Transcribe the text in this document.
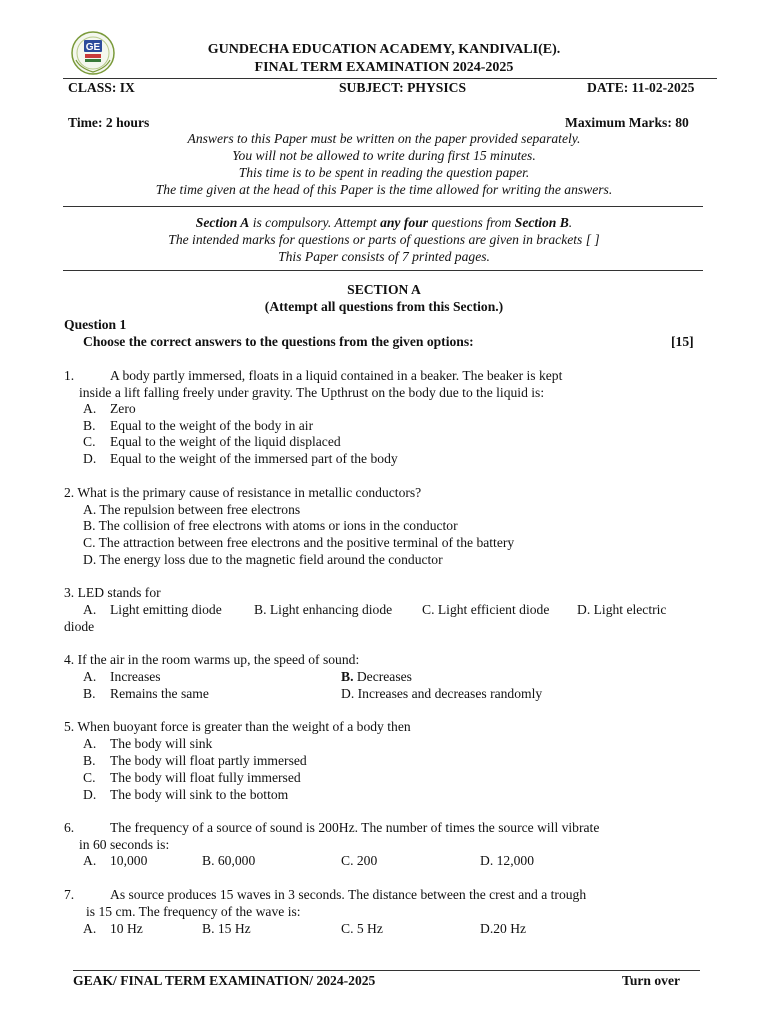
GE	GUNDECHA EDUCATION ACADEMY, KANDIVALI(E).
FINAL TERM EXAMINATION 2024-2025
CLASS: IX	SUBJECT: PHYSICS	DATE: 11-02-2025
Time: 2 hours	Maximum Marks: 80
Answers to this Paper must be written on the paper provided separately.
You will not be allowed to write during first 15 minutes.
This time is to be spent in reading the question paper.
The time given at the head of this Paper is the time allowed for writing the answers.
Section A is compulsory. Attempt any four questions from Section B.
The intended marks for questions or parts of questions are given in brackets [ ]
This Paper consists of 7 printed pages.
SECTION A
(Attempt all questions from this Section.)
Question 1
Choose the correct answers to the questions from the given options:	[15]
1.	A body partly immersed, floats in a liquid contained in a beaker. The beaker is kept
inside a lift falling freely under gravity. The Upthrust on the body due to the liquid is:
A. Zero
B. Equal to the weight of the body in air
C. Equal to the weight of the liquid displaced
D. Equal to the weight of the immersed part of the body
2. What is the primary cause of resistance in metallic conductors?
A. The repulsion between free electrons
B. The collision of free electrons with atoms or ions in the conductor
C. The attraction between free electrons and the positive terminal of the battery
D. The energy loss due to the magnetic field around the conductor
3. LED stands for
A. Light emitting diode B. Light enhancing diode C. Light efficient diode D. Light electric
diode
4. If the air in the room warms up, the speed of sound:
A. Increases	B. Decreases
B. Remains the same	D. Increases and decreases randomly
5. When buoyant force is greater than the weight of a body then
A. The body will sink
B. The body will float partly immersed
C. The body will float fully immersed
D. The body will sink to the bottom
6.	The frequency of a source of sound is 200Hz. The number of times the source will vibrate
in 60 seconds is:
A. 10,000	B. 60,000	C. 200	D. 12,000
7.	As source produces 15 waves in 3 seconds. The distance between the crest and a trough
is 15 cm. The frequency of the wave is:
A. 10 Hz	B. 15 Hz	C. 5 Hz	D.20 Hz
GEAK/ FINAL TERM EXAMINATION/ 2024-2025	Turn over
